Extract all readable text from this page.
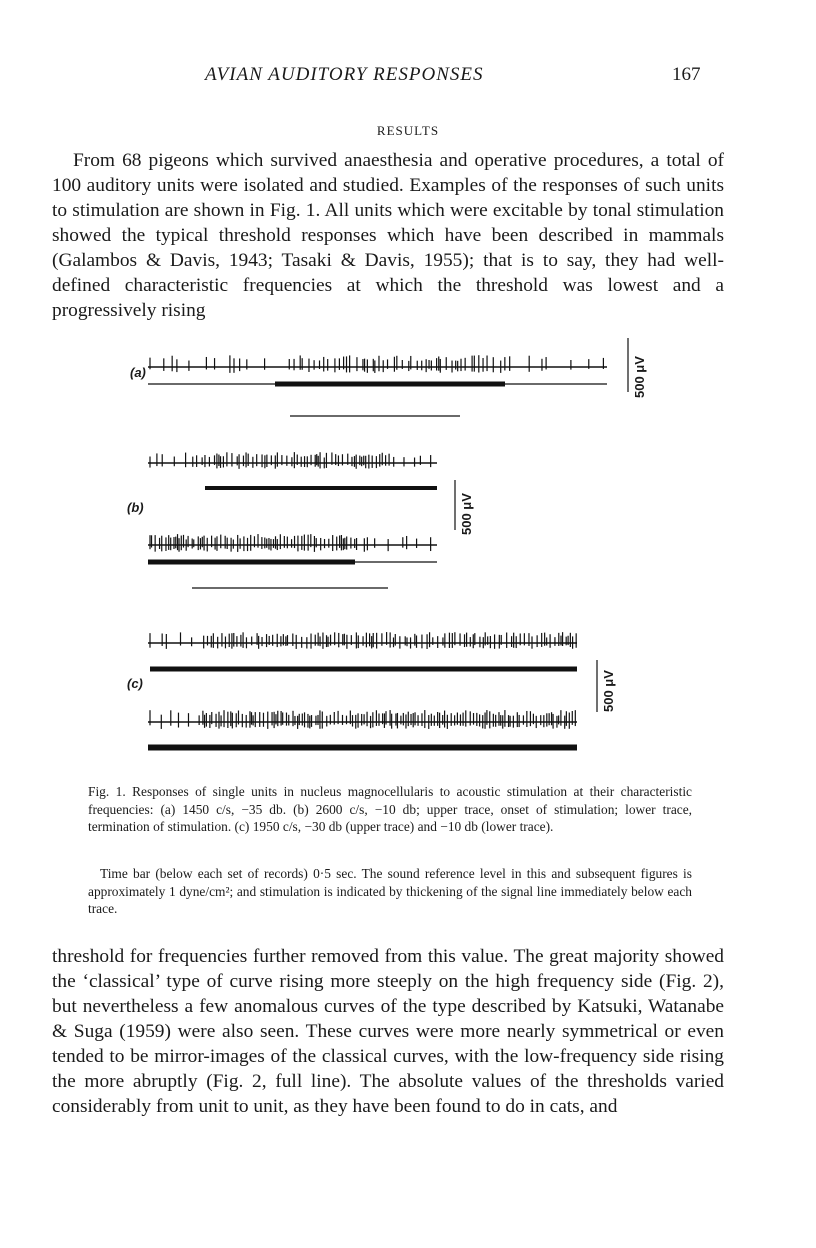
AVIAN AUDITORY RESPONSES	167
RESULTS

From 68 pigeons which survived anaesthesia and operative procedures, a total of 100 auditory units were isolated and studied. Examples of the responses of such units to stimulation are shown in Fig. 1. All units which were excitable by tonal stimulation showed the typical threshold responses which have been described in mammals (Galambos & Davis, 1943; Tasaki & Davis, 1955); that is to say, they had well-defined characteristic frequencies at which the threshold was lowest and a progressively rising

(a)
(b)
(c)
500 μV
500 μV
500 μV

Fig. 1. Responses of single units in nucleus magnocellularis to acoustic stimulation at their characteristic frequencies: (a) 1450 c/s, −35 db. (b) 2600 c/s, −10 db; upper trace, onset of stimulation; lower trace, termination of stimulation. (c) 1950 c/s, −30 db (upper trace) and −10 db (lower trace).

Time bar (below each set of records) 0·5 sec. The sound reference level in this and subsequent figures is approximately 1 dyne/cm²; and stimulation is indicated by thickening of the signal line immediately below each trace.

threshold for frequencies further removed from this value. The great majority showed the ‘classical’ type of curve rising more steeply on the high frequency side (Fig. 2), but nevertheless a few anomalous curves of the type described by Katsuki, Watanabe & Suga (1959) were also seen. These curves were more nearly symmetrical or even tended to be mirror-images of the classical curves, with the low-frequency side rising the more abruptly (Fig. 2, full line). The absolute values of the thresholds varied considerably from unit to unit, as they have been found to do in cats, and
